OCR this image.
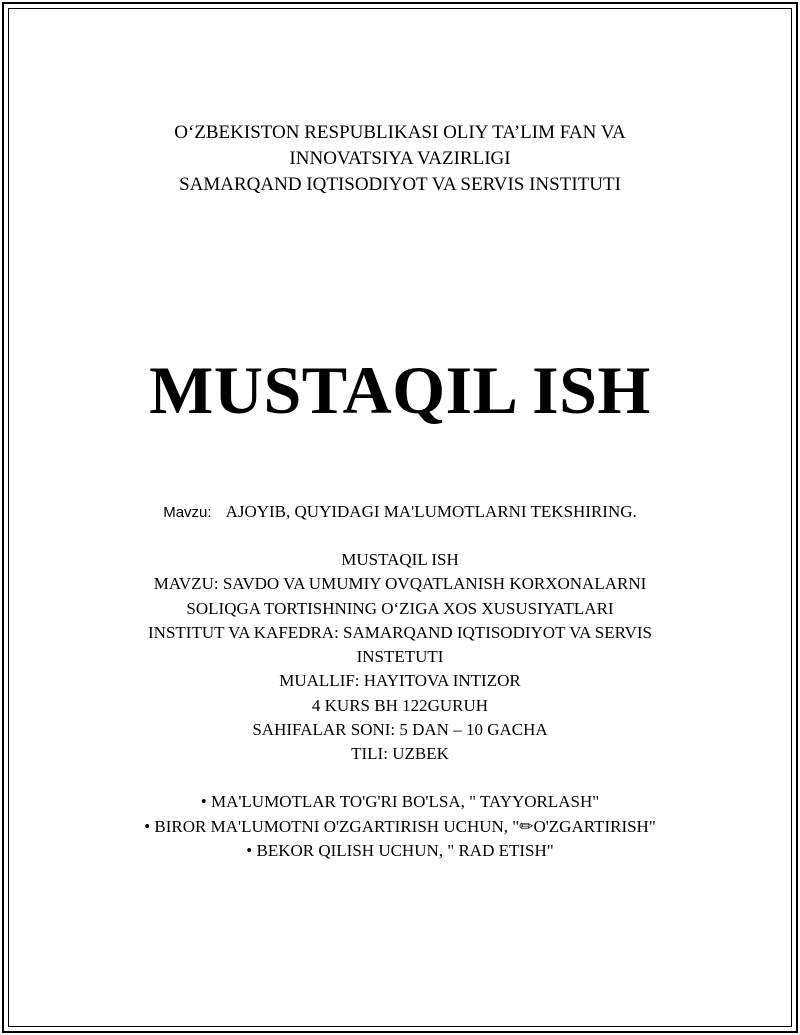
O‘ZBEKISTON RESPUBLIKASI OLIY TA’LIM FAN VA
INNOVATSIYA VAZIRLIGI
SAMARQAND IQTISODIYOT VA SERVIS INSTITUTI
MUSTAQIL ISH
Mavzu: AJOYIB, QUYIDAGI MA'LUMOTLARNI TEKSHIRING.
MUSTAQIL ISH
MAVZU: SAVDO VA UMUMIY OVQATLANISH KORXONALARNI
SOLIQGA TORTISHNING O‘ZIGA XOS XUSUSIYATLARI
INSTITUT VA KAFEDRA: SAMARQAND IQTISODIYOT VA SERVIS
INSTETUTI
MUALLIF: HAYITOVA INTIZOR
4 KURS BH 122GURUH
SAHIFALAR SONI: 5 DAN – 10 GACHA
TILI: UZBEK
• MA'LUMOTLAR TO'G'RI BO'LSA, " TAYYORLASH"
• BIROR MA'LUMOTNI O'ZGARTIRISH UCHUN, "✏O'ZGARTIRISH"
• BEKOR QILISH UCHUN, " RAD ETISH"
